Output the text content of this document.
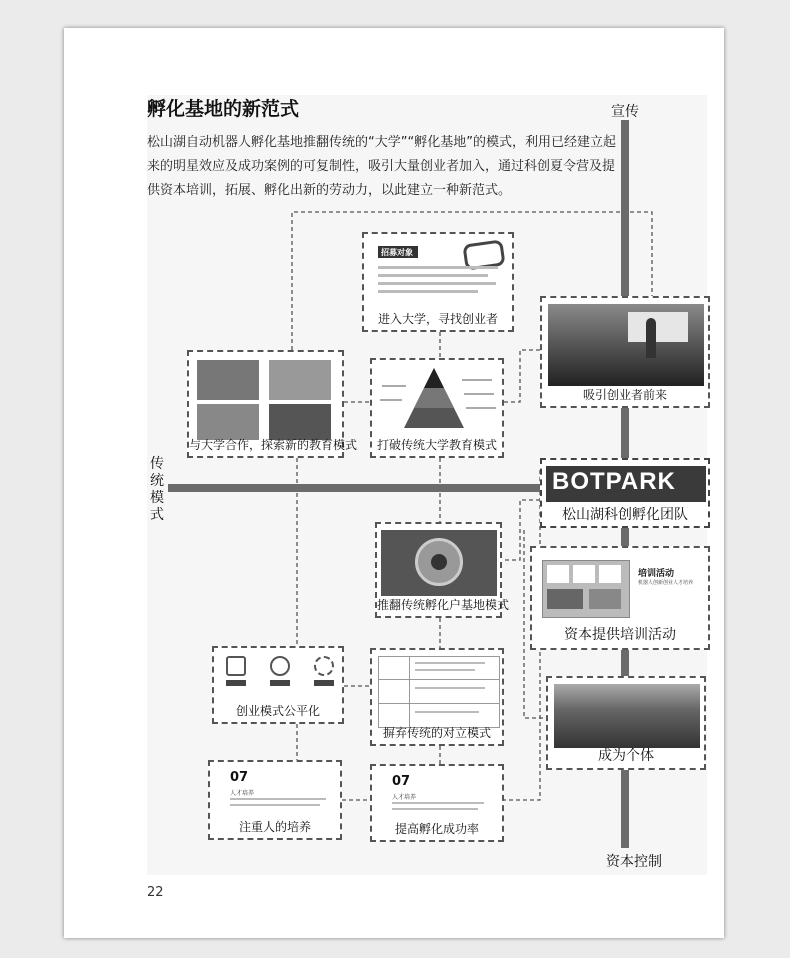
孵化基地的新范式
松山湖自动机器人孵化基地推翻传统的“大学”“孵化基地”的模式，利用已经建立起来的明星效应及成功案例的可复制性，吸引大量创业者加入，通过科创夏令营及提供资本培训，拓展、孵化出新的劳动力，以此建立一种新范式。
宣传
资本控制
传统模式
招募对象
进入大学，寻找创业者
吸引创业者前来
与大学合作，探索新的教育模式	打破传统大学教育模式
BOTPARK
松山湖科创孵化团队
培训活动
机器人创新创业人才培养
资本提供培训活动
推翻传统孵化户基地模式
创业模式公平化
摒弃传统的对立模式
成为个体
07
人才培养
注重人的培养
07
人才培养
提高孵化成功率
22
